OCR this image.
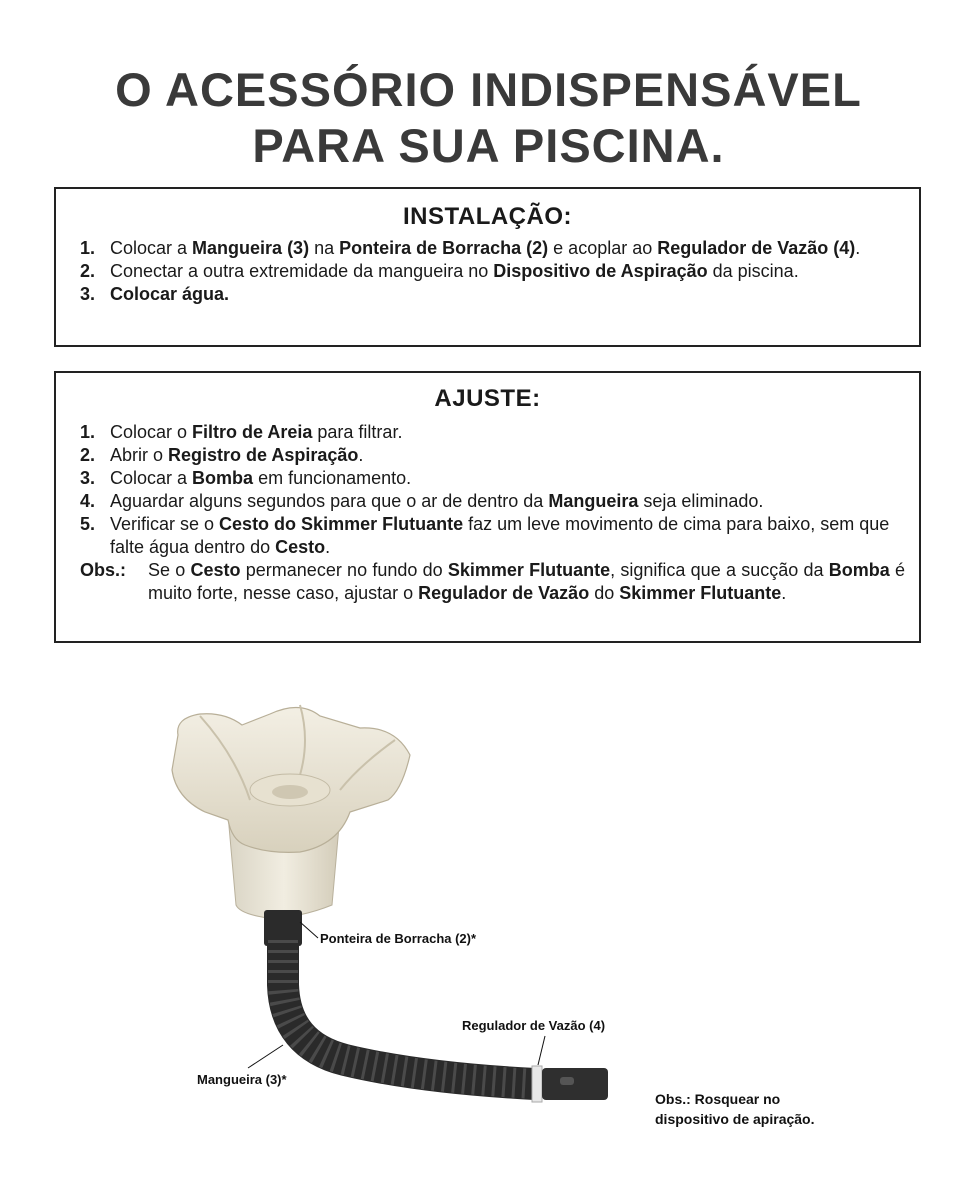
O ACESSÓRIO INDISPENSÁVEL
PARA SUA PISCINA.
INSTALAÇÃO:
1. Colocar a Mangueira (3) na Ponteira de Borracha (2) e acoplar ao Regulador de Vazão (4).
2. Conectar a outra extremidade da mangueira no Dispositivo de Aspiração da piscina.
3. Colocar água.
AJUSTE:
1. Colocar o Filtro de Areia para filtrar.
2. Abrir o Registro de Aspiração.
3. Colocar a Bomba em funcionamento.
4. Aguardar alguns segundos para que o ar de dentro da Mangueira seja eliminado.
5. Verificar se o Cesto do Skimmer Flutuante faz um leve movimento de cima para baixo, sem que falte água dentro do Cesto.
Obs.: Se o Cesto permanecer no fundo do Skimmer Flutuante, significa que a sucção da Bomba é muito forte, nesse caso, ajustar o Regulador de Vazão do Skimmer Flutuante.
Ponteira de Borracha (2)*
Regulador de Vazão (4)
Mangueira (3)*
Obs.: Rosquear no
dispositivo de apiração.
